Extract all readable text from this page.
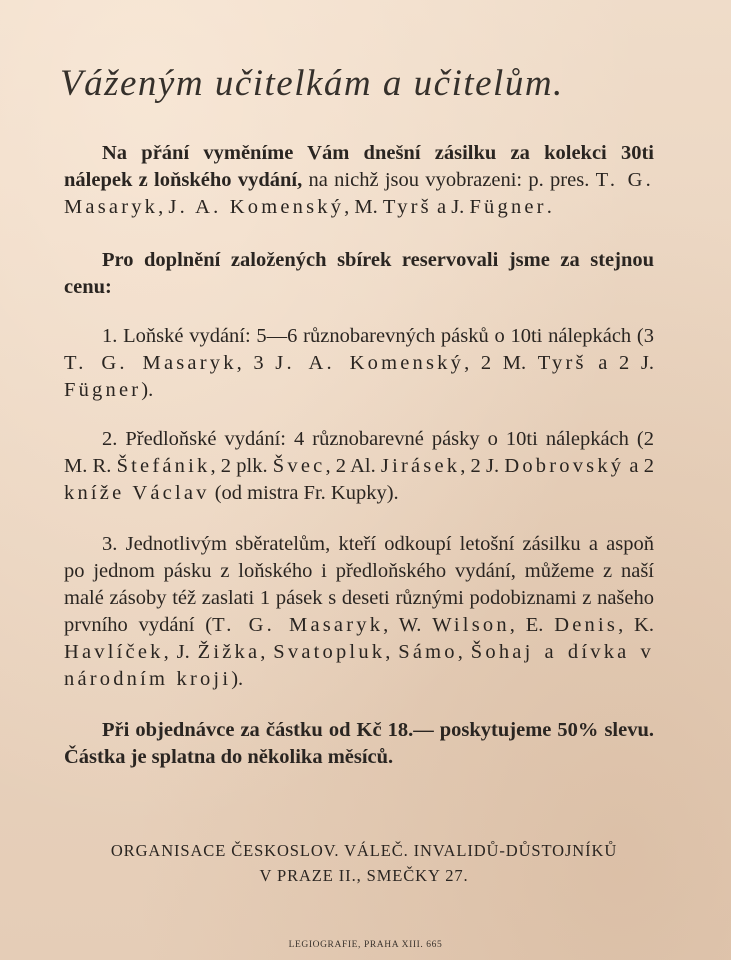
Váženým učitelkám a učitelům.

Na přání vyměníme Vám dnešní zásilku za kolekci 30ti nálepek z loňského vydání, na nichž jsou vyobrazeni: p. pres. T. G. Masaryk, J. A. Komenský, M. Tyrš a J. Fügner.

Pro doplnění založených sbírek reservovali jsme za stejnou cenu:

1. Loňské vydání: 5—6 různobarevných pásků o 10ti nálepkách (3 T. G. Masaryk, 3 J. A. Komenský, 2 M. Tyrš a 2 J. Fügner).

2. Předloňské vydání: 4 různobarevné pásky o 10ti nálepkách (2 M. R. Štefánik, 2 plk. Švec, 2 Al. Jirásek, 2 J. Dobrovský a 2 kníže Václav (od mistra Fr. Kupky).

3. Jednotlivým sběratelům, kteří odkoupí letošní zásilku a aspoň po jednom pásku z loňského i předloňského vydání, můžeme z naší malé zásoby též zaslati 1 pásek s deseti různými podobiznami z našeho prvního vydání (T. G. Masaryk, W. Wilson, E. Denis, K. Havlíček, J. Žižka, Svatopluk, Sámo, Šohaj a dívka v národním kroji).

Při objednávce za částku od Kč 18.— poskytujeme 50% slevu. Částka je splatna do několika měsíců.

ORGANISACE ČESKOSLOV. VÁLEČ. INVALIDŮ-DŮSTOJNÍKŮ
V PRAZE II., SMEČKY 27.
LEGIOGRAFIE, PRAHA XIII. 665
